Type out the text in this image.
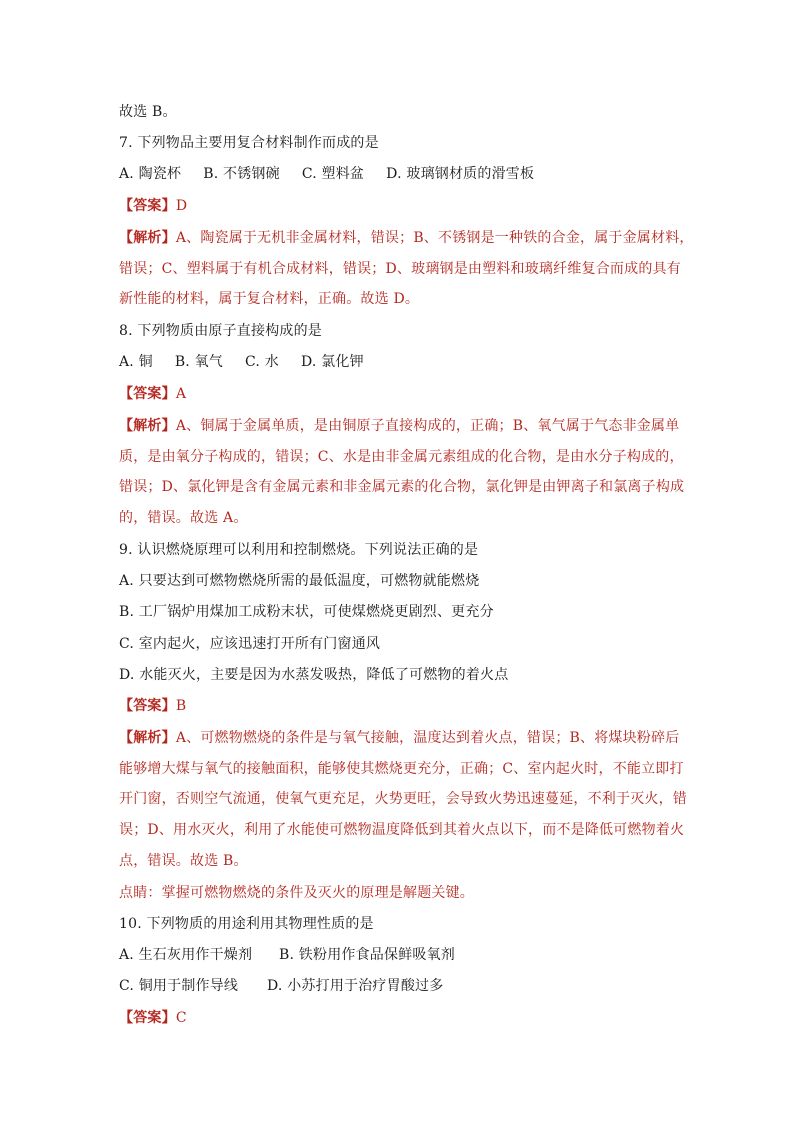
故选 B。
7. 下列物品主要用复合材料制作而成的是
A. 陶瓷杯 B. 不锈钢碗 C. 塑料盆 D. 玻璃钢材质的滑雪板
【答案】D
【解析】A、陶瓷属于无机非金属材料，错误；B、不锈钢是一种铁的合金，属于金属材料，
错误；C、塑料属于有机合成材料，错误；D、玻璃钢是由塑料和玻璃纤维复合而成的具有
新性能的材料，属于复合材料，正确。故选 D。
8. 下列物质由原子直接构成的是
A. 铜 B. 氧气 C. 水 D. 氯化钾
【答案】A
【解析】A、铜属于金属单质，是由铜原子直接构成的，正确；B、氧气属于气态非金属单
质，是由氧分子构成的，错误；C、水是由非金属元素组成的化合物，是由水分子构成的，
错误；D、氯化钾是含有金属元素和非金属元素的化合物，氯化钾是由钾离子和氯离子构成
的，错误。故选 A。
9. 认识燃烧原理可以利用和控制燃烧。下列说法正确的是
A. 只要达到可燃物燃烧所需的最低温度，可燃物就能燃烧
B. 工厂锅炉用煤加工成粉末状，可使煤燃烧更剧烈、更充分
C. 室内起火，应该迅速打开所有门窗通风
D. 水能灭火，主要是因为水蒸发吸热，降低了可燃物的着火点
【答案】B
【解析】A、可燃物燃烧的条件是与氧气接触，温度达到着火点，错误；B、将煤块粉碎后
能够增大煤与氧气的接触面积，能够使其燃烧更充分，正确；C、室内起火时，不能立即打
开门窗，否则空气流通，使氧气更充足，火势更旺，会导致火势迅速蔓延，不利于灭火，错
误；D、用水灭火，利用了水能使可燃物温度降低到其着火点以下，而不是降低可燃物着火
点，错误。故选 B。
点睛：掌握可燃物燃烧的条件及灭火的原理是解题关键。
10. 下列物质的用途利用其物理性质的是
A. 生石灰用作干燥剂 B. 铁粉用作食品保鲜吸氧剂
C. 铜用于制作导线 D. 小苏打用于治疗胃酸过多
【答案】C
